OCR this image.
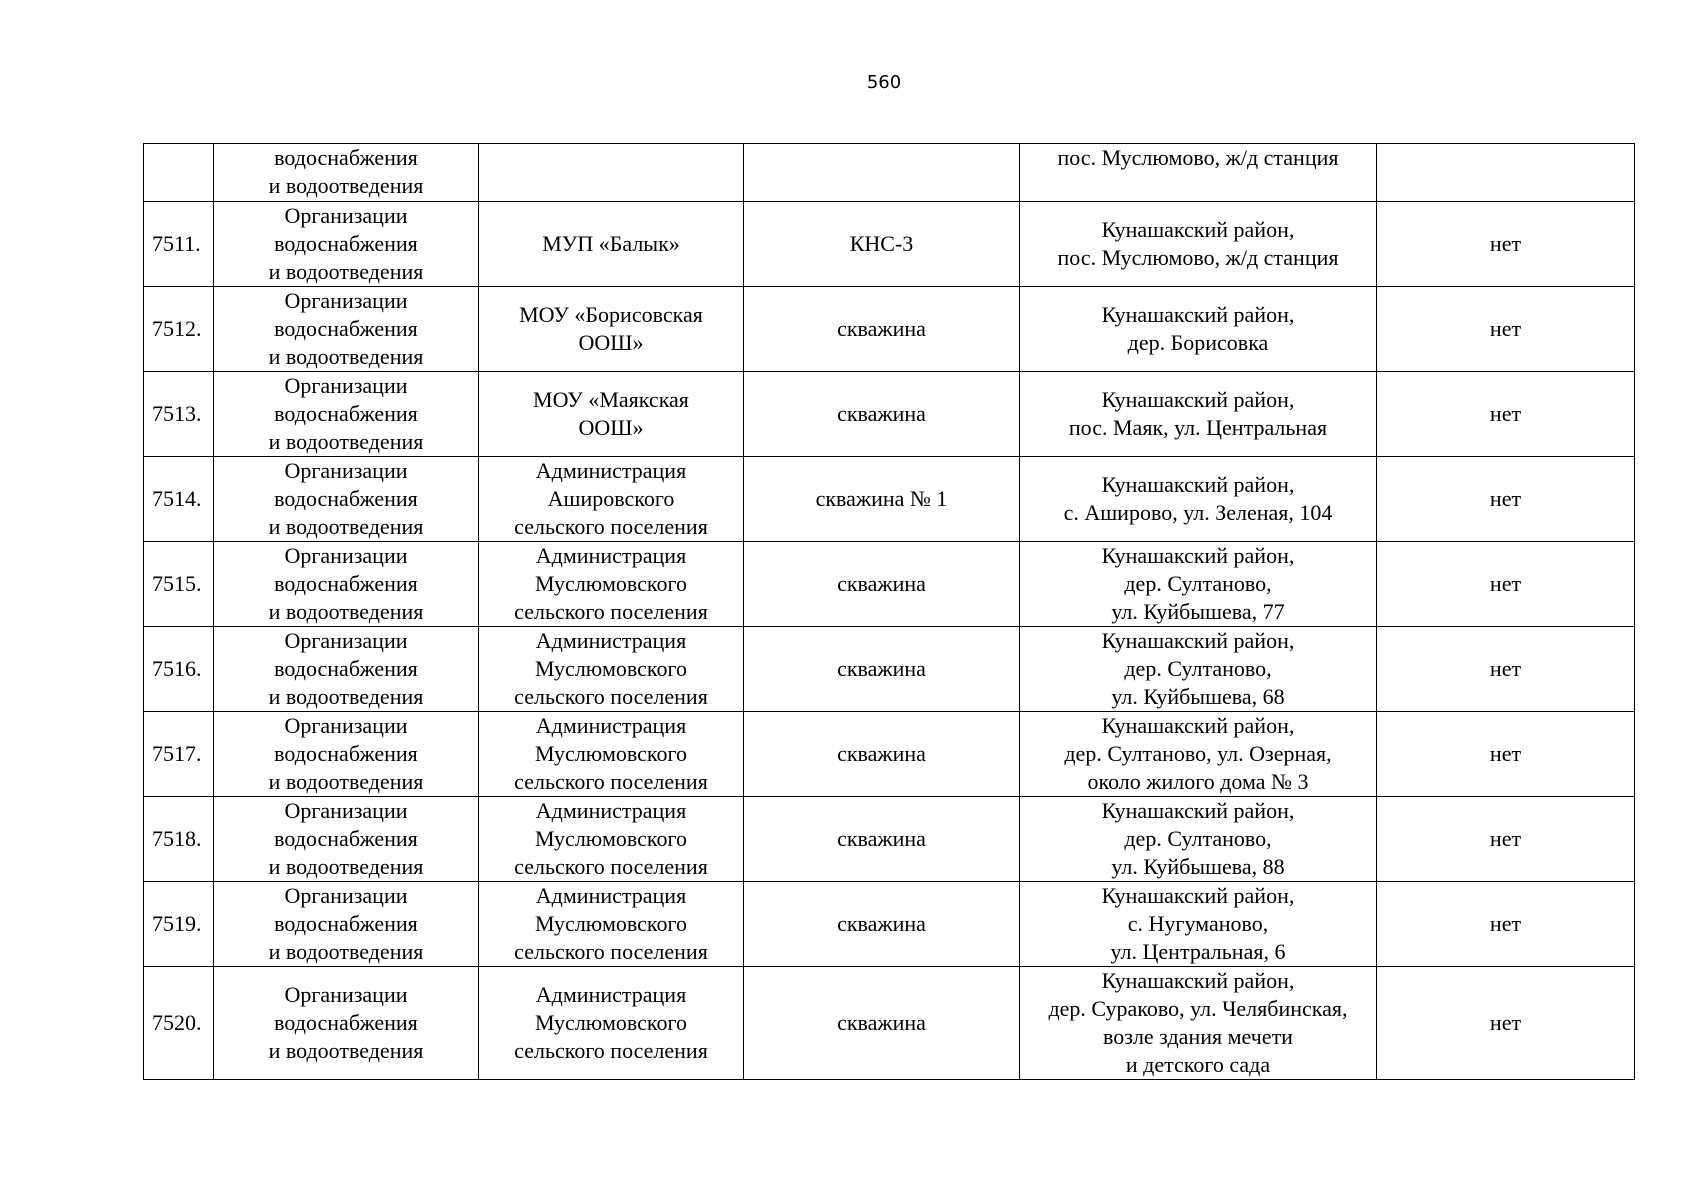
560
	водоснабжения
и водоотведения			пос. Муслюмово, ж/д станция	
7511.	Организации
водоснабжения
и водоотведения	МУП «Балык»	КНС-3	Кунашакский район,
пос. Муслюмово, ж/д станция	нет
7512.	Организации
водоснабжения
и водоотведения	МОУ «Борисовская
ООШ»	скважина	Кунашакский район,
дер. Борисовка	нет
7513.	Организации
водоснабжения
и водоотведения	МОУ «Маякская
ООШ»	скважина	Кунашакский район,
пос. Маяк, ул. Центральная	нет
7514.	Организации
водоснабжения
и водоотведения	Администрация
Ашировского
сельского поселения	скважина № 1	Кунашакский район,
с. Аширово, ул. Зеленая, 104	нет
7515.	Организации
водоснабжения
и водоотведения	Администрация
Муслюмовского
сельского поселения	скважина	Кунашакский район,
дер. Султаново,
ул. Куйбышева, 77	нет
7516.	Организации
водоснабжения
и водоотведения	Администрация
Муслюмовского
сельского поселения	скважина	Кунашакский район,
дер. Султаново,
ул. Куйбышева, 68	нет
7517.	Организации
водоснабжения
и водоотведения	Администрация
Муслюмовского
сельского поселения	скважина	Кунашакский район,
дер. Султаново, ул. Озерная,
около жилого дома № 3	нет
7518.	Организации
водоснабжения
и водоотведения	Администрация
Муслюмовского
сельского поселения	скважина	Кунашакский район,
дер. Султаново,
ул. Куйбышева, 88	нет
7519.	Организации
водоснабжения
и водоотведения	Администрация
Муслюмовского
сельского поселения	скважина	Кунашакский район,
с. Нугуманово,
ул. Центральная, 6	нет
7520.	Организации
водоснабжения
и водоотведения	Администрация
Муслюмовского
сельского поселения	скважина	Кунашакский район,
дер. Сураково, ул. Челябинская,
возле здания мечети
и детского сада	нет
